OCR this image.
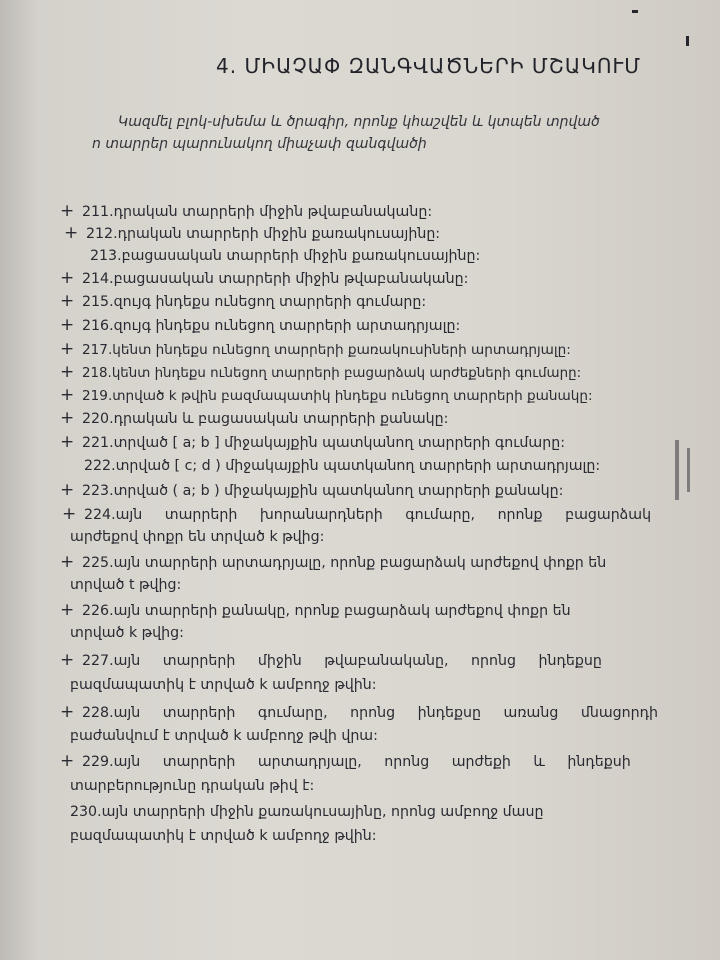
4. ՄԻԱՉԱՓ ԶԱՆԳՎԱԾՆԵՐԻ ՄՇԱԿՈՒՄ
Կազմել բլոկ-սխեմա և ծրագիր, որոնք կհաշվեն և կտպեն տրված
n տարրեր պարունակող միաչափ զանգվածի
+ 211.դրական տարրերի միջին թվաբանականը:
+ 212.դրական տարրերի միջին քառակուսայինը:
213.բացասական տարրերի միջին քառակուսայինը:
+ 214.բացասական տարրերի միջին թվաբանականը:
+ 215.զույգ ինդեքս ունեցող տարրերի գումարը:
+ 216.զույգ ինդեքս ունեցող տարրերի արտադրյալը:
+ 217.կենտ ինդեքս ունեցող տարրերի քառակուսիների արտադրյալը:
+ 218.կենտ ինդեքս ունեցող տարրերի բացարձակ արժեքների գումարը:
+ 219.տրված k թվին բազմապատիկ ինդեքս ունեցող տարրերի քանակը:
+ 220.դրական և բացասական տարրերի քանակը:
+ 221.տրված [ a; b ] միջակայքին պատկանող տարրերի գումարը:
222.տրված [ c; d ) միջակայքին պատկանող տարրերի արտադրյալը:
+ 223.տրված ( a; b ) միջակայքին պատկանող տարրերի քանակը:
+ 224.այն տարրերի խորանարդների գումարը, որոնք բացարձակ
արժեքով փոքր են տրված k թվից:
+ 225.այն տարրերի արտադրյալը, որոնք բացարձակ արժեքով փոքր են
տրված t թվից:
+ 226.այն տարրերի քանակը, որոնք բացարձակ արժեքով փոքր են
տրված k թվից:
+ 227.այն տարրերի միջին թվաբանականը, որոնց ինդեքսը
բազմապատիկ է տրված k ամբողջ թվին:
+ 228.այն տարրերի գումարը, որոնց ինդեքսը առանց մնացորդի
բաժանվում է տրված k ամբողջ թվի վրա:
+ 229.այն տարրերի արտադրյալը, որոնց արժեքի և ինդեքսի
տարբերությունը դրական թիվ է:
230.այն տարրերի միջին քառակուսայինը, որոնց ամբողջ մասը
բազմապատիկ է տրված k ամբողջ թվին:
